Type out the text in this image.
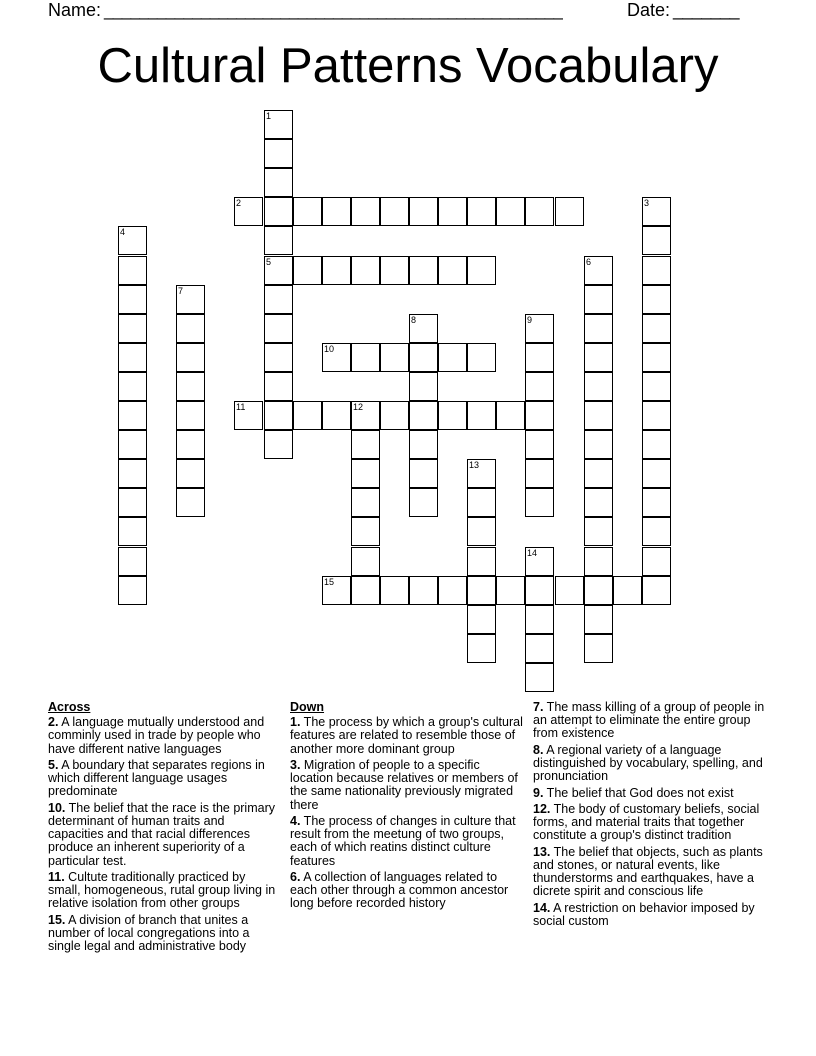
Name:
____________________________________________________	Date:
_______
Cultural Patterns Vocabulary
1
5
2	3
4
6
7
8	9
10
11	12
13
14
15
Across
2. A language mutually understood and comminly used in trade by people who have different native languages
5. A boundary that separates regions in which different language usages predominate
10. The belief that the race is the primary determinant of human traits and capacities and that racial differences produce an inherent superiority of a particular test.
11. Cultute traditionally practiced by small, homogeneous, rutal group living in relative isolation from other groups
15. A division of branch that unites a number of local congregations into a single legal and administrative body
Down
1. The process by which a group's cultural features are related to resemble those of another more dominant group
3. Migration of people to a specific location because relatives or members of the same nationality previously migrated there
4. The process of changes in culture that result from the meetung of two groups, each of which reatins distinct culture features
6. A collection of languages related to each other through a common ancestor long before recorded history
7. The mass killing of a group of people in an attempt to eliminate the entire group from existence
8. A regional variety of a language distinguished by vocabulary, spelling, and pronunciation
9. The belief that God does not exist
12. The body of customary beliefs, social forms, and material traits that together constitute a group's distinct tradition
13. The belief that objects, such as plants and stones, or natural events, like thunderstorms and earthquakes, have a dicrete spirit and conscious life
14. A restriction on behavior imposed by social custom
